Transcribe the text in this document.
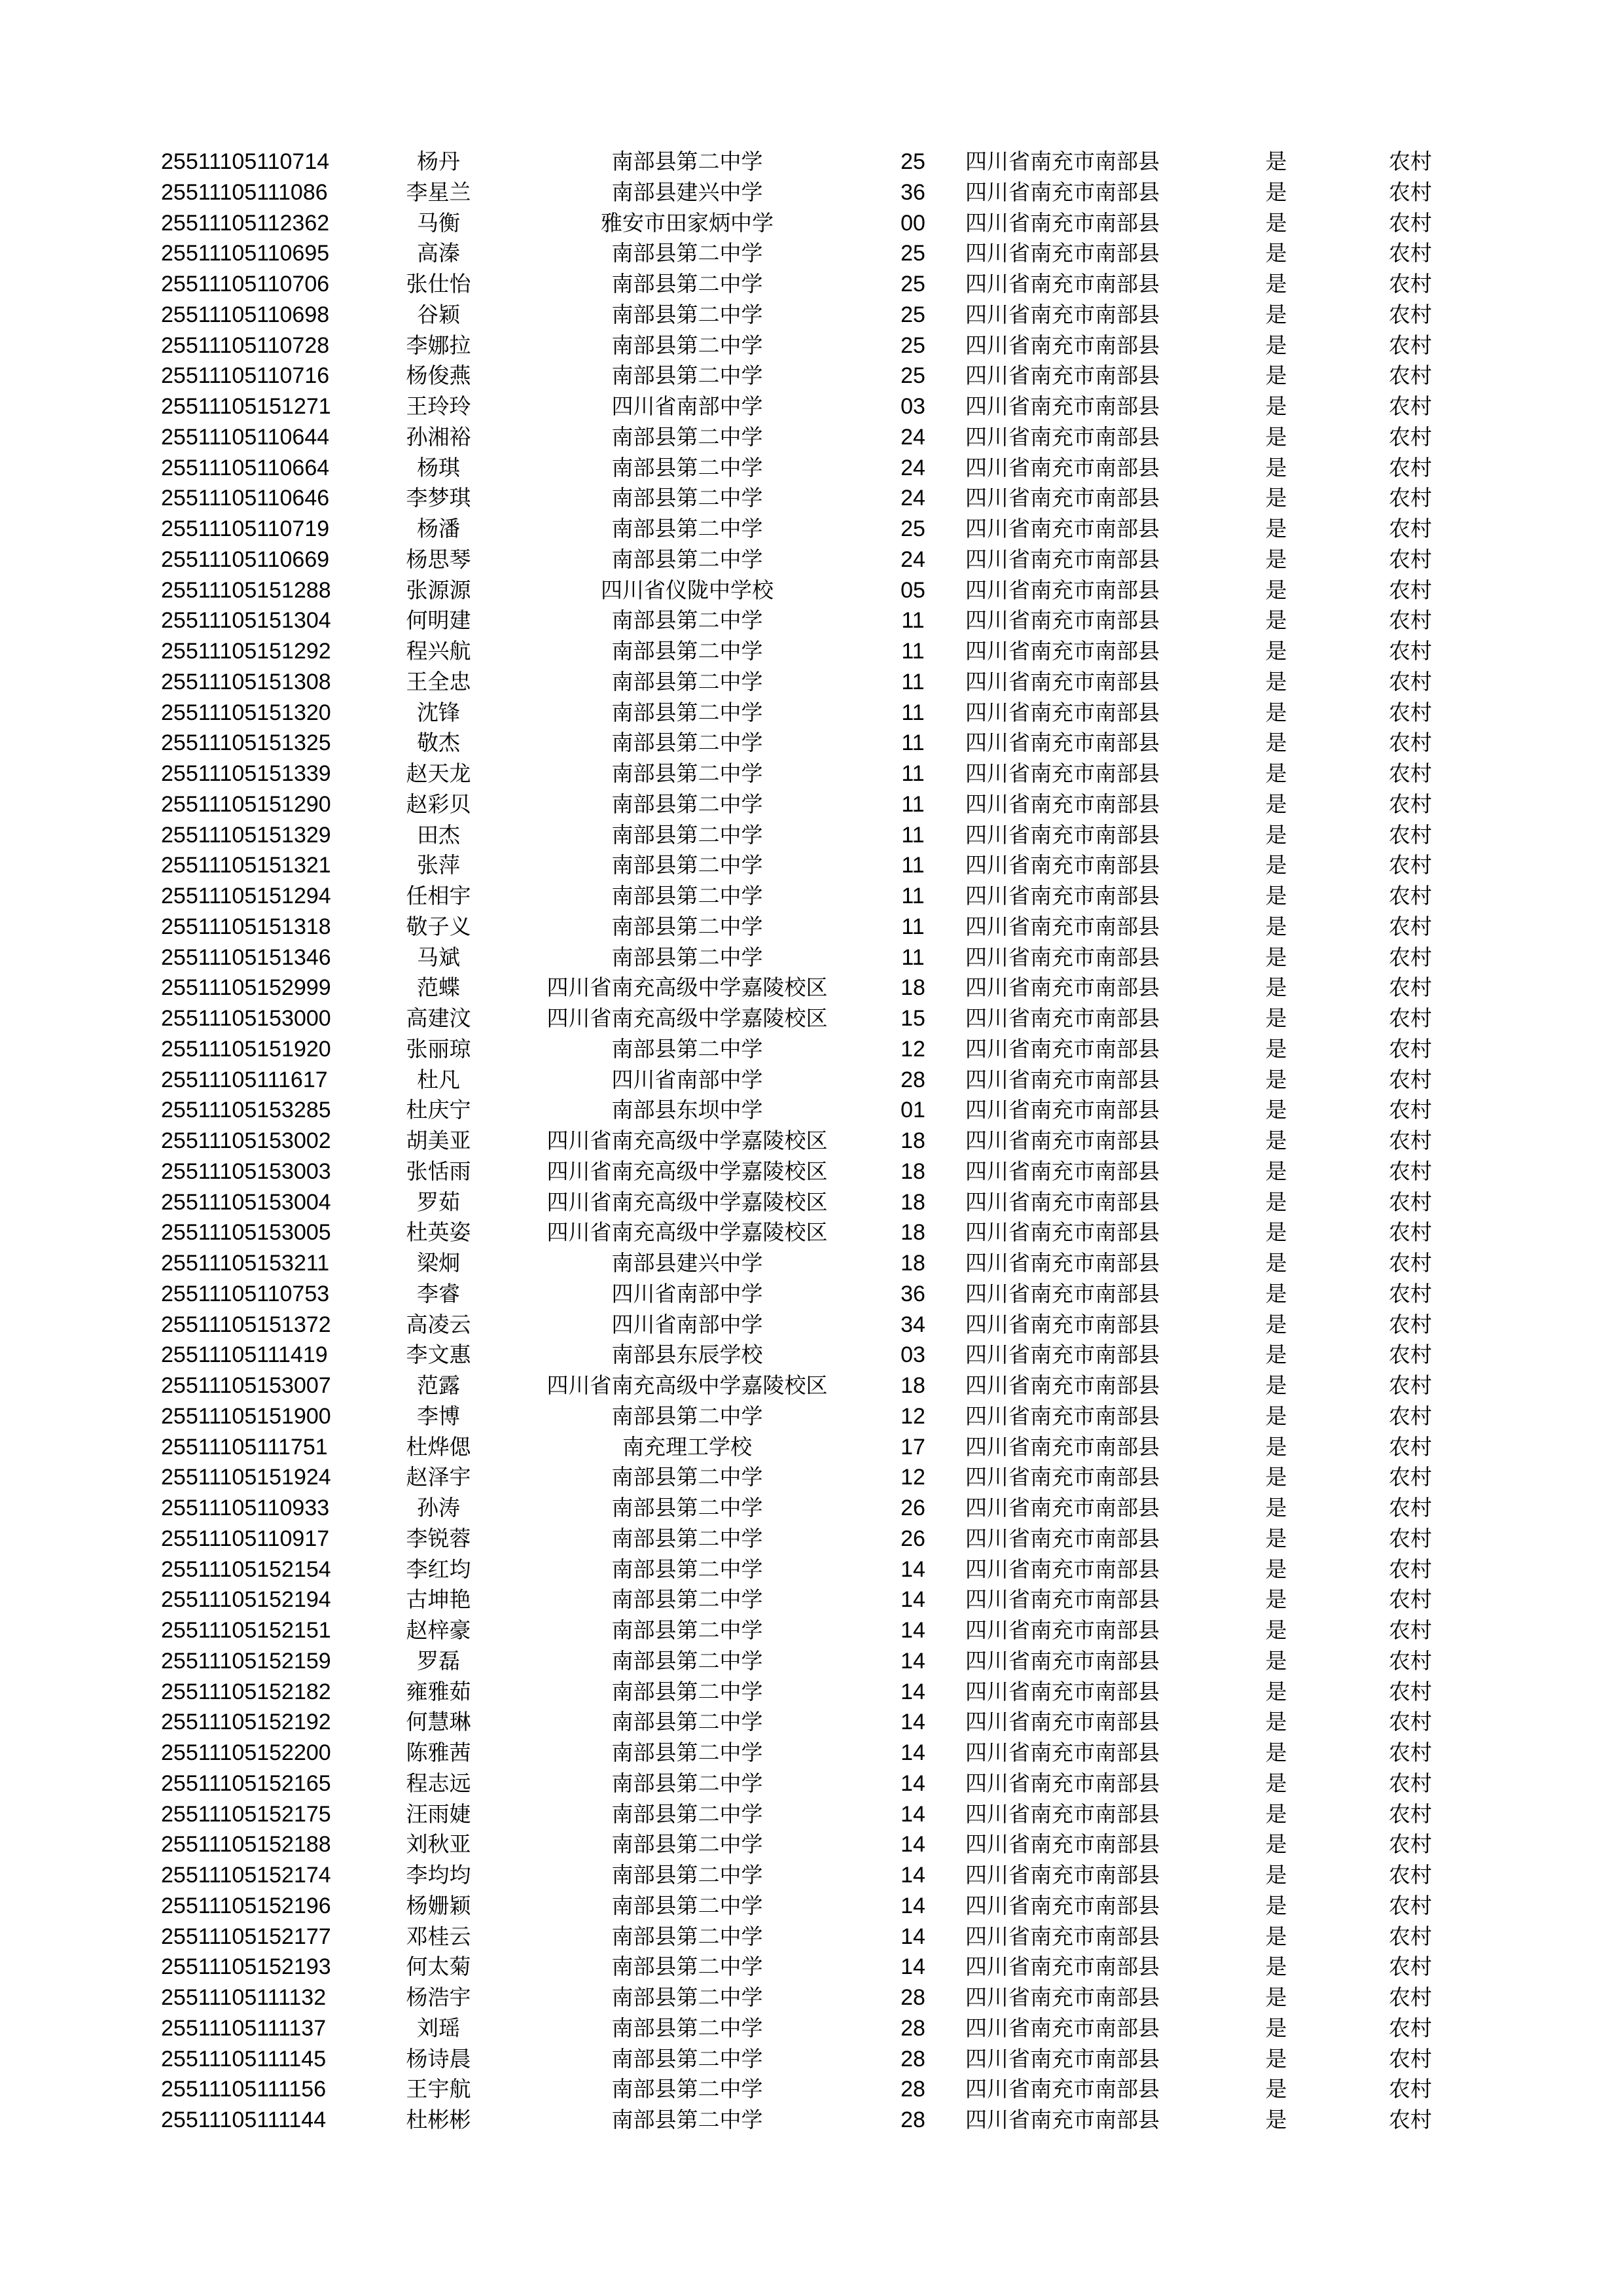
25511105110714	杨丹	南部县第二中学	25	四川省南充市南部县	是	农村
25511105111086	李星兰	南部县建兴中学	36	四川省南充市南部县	是	农村
25511105112362	马衡	雅安市田家炳中学	00	四川省南充市南部县	是	农村
25511105110695	高溱	南部县第二中学	25	四川省南充市南部县	是	农村
25511105110706	张仕怡	南部县第二中学	25	四川省南充市南部县	是	农村
25511105110698	谷颖	南部县第二中学	25	四川省南充市南部县	是	农村
25511105110728	李娜拉	南部县第二中学	25	四川省南充市南部县	是	农村
25511105110716	杨俊燕	南部县第二中学	25	四川省南充市南部县	是	农村
25511105151271	王玲玲	四川省南部中学	03	四川省南充市南部县	是	农村
25511105110644	孙湘裕	南部县第二中学	24	四川省南充市南部县	是	农村
25511105110664	杨琪	南部县第二中学	24	四川省南充市南部县	是	农村
25511105110646	李梦琪	南部县第二中学	24	四川省南充市南部县	是	农村
25511105110719	杨潘	南部县第二中学	25	四川省南充市南部县	是	农村
25511105110669	杨思琴	南部县第二中学	24	四川省南充市南部县	是	农村
25511105151288	张源源	四川省仪陇中学校	05	四川省南充市南部县	是	农村
25511105151304	何明建	南部县第二中学	11	四川省南充市南部县	是	农村
25511105151292	程兴航	南部县第二中学	11	四川省南充市南部县	是	农村
25511105151308	王全忠	南部县第二中学	11	四川省南充市南部县	是	农村
25511105151320	沈锋	南部县第二中学	11	四川省南充市南部县	是	农村
25511105151325	敬杰	南部县第二中学	11	四川省南充市南部县	是	农村
25511105151339	赵天龙	南部县第二中学	11	四川省南充市南部县	是	农村
25511105151290	赵彩贝	南部县第二中学	11	四川省南充市南部县	是	农村
25511105151329	田杰	南部县第二中学	11	四川省南充市南部县	是	农村
25511105151321	张萍	南部县第二中学	11	四川省南充市南部县	是	农村
25511105151294	任相宇	南部县第二中学	11	四川省南充市南部县	是	农村
25511105151318	敬子义	南部县第二中学	11	四川省南充市南部县	是	农村
25511105151346	马斌	南部县第二中学	11	四川省南充市南部县	是	农村
25511105152999	范蝶	四川省南充高级中学嘉陵校区	18	四川省南充市南部县	是	农村
25511105153000	高建汶	四川省南充高级中学嘉陵校区	15	四川省南充市南部县	是	农村
25511105151920	张丽琼	南部县第二中学	12	四川省南充市南部县	是	农村
25511105111617	杜凡	四川省南部中学	28	四川省南充市南部县	是	农村
25511105153285	杜庆宁	南部县东坝中学	01	四川省南充市南部县	是	农村
25511105153002	胡美亚	四川省南充高级中学嘉陵校区	18	四川省南充市南部县	是	农村
25511105153003	张恬雨	四川省南充高级中学嘉陵校区	18	四川省南充市南部县	是	农村
25511105153004	罗茹	四川省南充高级中学嘉陵校区	18	四川省南充市南部县	是	农村
25511105153005	杜英姿	四川省南充高级中学嘉陵校区	18	四川省南充市南部县	是	农村
25511105153211	梁炯	南部县建兴中学	18	四川省南充市南部县	是	农村
25511105110753	李睿	四川省南部中学	36	四川省南充市南部县	是	农村
25511105151372	高凌云	四川省南部中学	34	四川省南充市南部县	是	农村
25511105111419	李文惠	南部县东辰学校	03	四川省南充市南部县	是	农村
25511105153007	范露	四川省南充高级中学嘉陵校区	18	四川省南充市南部县	是	农村
25511105151900	李博	南部县第二中学	12	四川省南充市南部县	是	农村
25511105111751	杜烨偲	南充理工学校	17	四川省南充市南部县	是	农村
25511105151924	赵泽宇	南部县第二中学	12	四川省南充市南部县	是	农村
25511105110933	孙涛	南部县第二中学	26	四川省南充市南部县	是	农村
25511105110917	李锐蓉	南部县第二中学	26	四川省南充市南部县	是	农村
25511105152154	李红均	南部县第二中学	14	四川省南充市南部县	是	农村
25511105152194	古坤艳	南部县第二中学	14	四川省南充市南部县	是	农村
25511105152151	赵梓豪	南部县第二中学	14	四川省南充市南部县	是	农村
25511105152159	罗磊	南部县第二中学	14	四川省南充市南部县	是	农村
25511105152182	雍雅茹	南部县第二中学	14	四川省南充市南部县	是	农村
25511105152192	何慧琳	南部县第二中学	14	四川省南充市南部县	是	农村
25511105152200	陈雅茜	南部县第二中学	14	四川省南充市南部县	是	农村
25511105152165	程志远	南部县第二中学	14	四川省南充市南部县	是	农村
25511105152175	汪雨婕	南部县第二中学	14	四川省南充市南部县	是	农村
25511105152188	刘秋亚	南部县第二中学	14	四川省南充市南部县	是	农村
25511105152174	李均均	南部县第二中学	14	四川省南充市南部县	是	农村
25511105152196	杨姗颖	南部县第二中学	14	四川省南充市南部县	是	农村
25511105152177	邓桂云	南部县第二中学	14	四川省南充市南部县	是	农村
25511105152193	何太菊	南部县第二中学	14	四川省南充市南部县	是	农村
25511105111132	杨浩宇	南部县第二中学	28	四川省南充市南部县	是	农村
25511105111137	刘瑶	南部县第二中学	28	四川省南充市南部县	是	农村
25511105111145	杨诗晨	南部县第二中学	28	四川省南充市南部县	是	农村
25511105111156	王宇航	南部县第二中学	28	四川省南充市南部县	是	农村
25511105111144	杜彬彬	南部县第二中学	28	四川省南充市南部县	是	农村
